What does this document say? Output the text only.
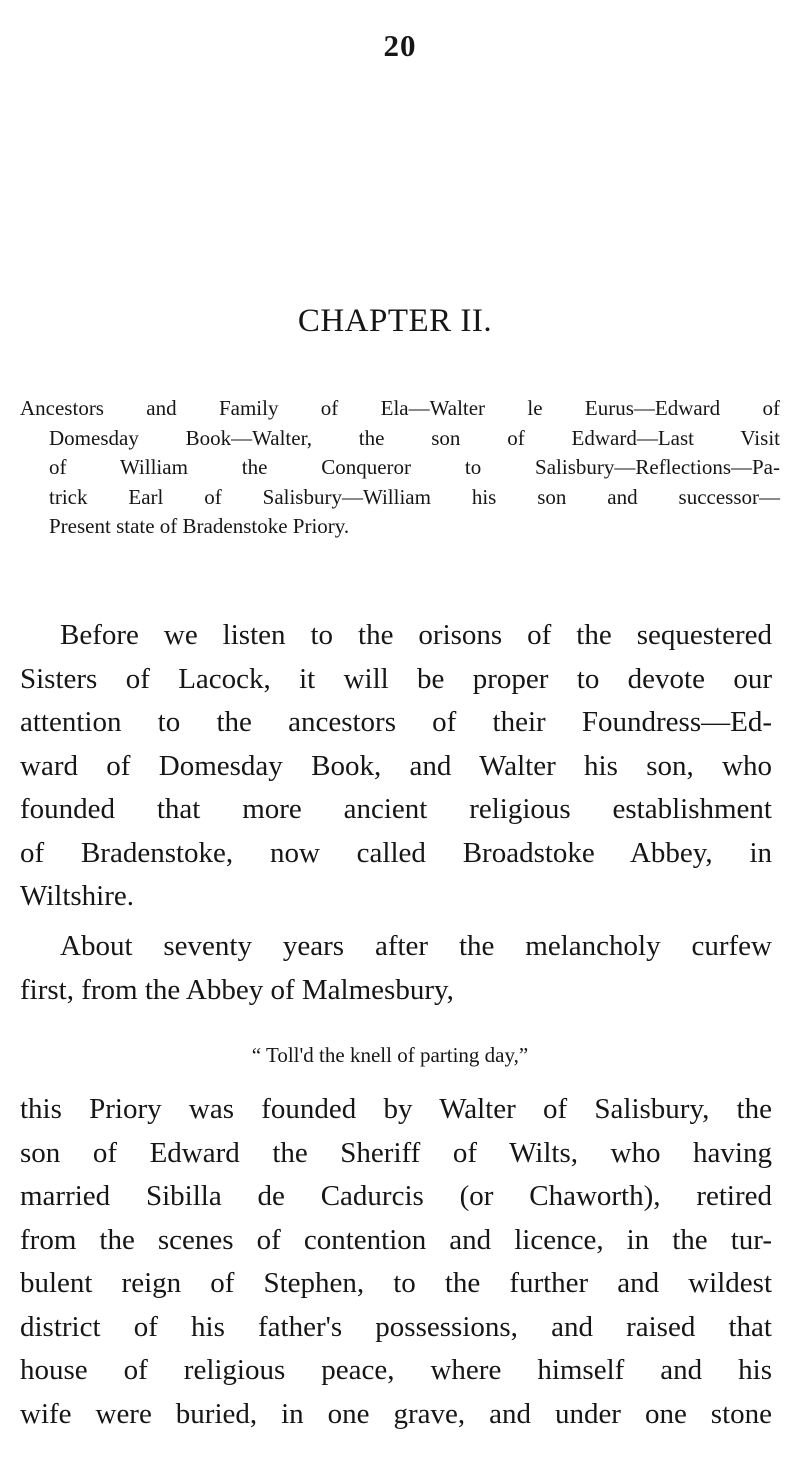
20
CHAPTER II.
Ancestors and Family of Ela—Walter le Eurus—Edward of
Domesday Book—Walter, the son of Edward—Last Visit
of William the Conqueror to Salisbury—Reflections—Pa-
trick Earl of Salisbury—William his son and successor—
Present state of Bradenstoke Priory.
Before we listen to the orisons of the sequestered
Sisters of Lacock, it will be proper to devote our
attention to the ancestors of their Foundress—Ed-
ward of Domesday Book, and Walter his son, who
founded that more ancient religious establishment
of Bradenstoke, now called Broadstoke Abbey, in
Wiltshire.
About seventy years after the melancholy curfew
first, from the Abbey of Malmesbury,
“ Toll'd the knell of parting day,”
this Priory was founded by Walter of Salisbury, the
son of Edward the Sheriff of Wilts, who having
married Sibilla de Cadurcis (or Chaworth), retired
from the scenes of contention and licence, in the tur-
bulent reign of Stephen, to the further and wildest
district of his father's possessions, and raised that
house of religious peace, where himself and his
wife were buried, in one grave, and under one stone
